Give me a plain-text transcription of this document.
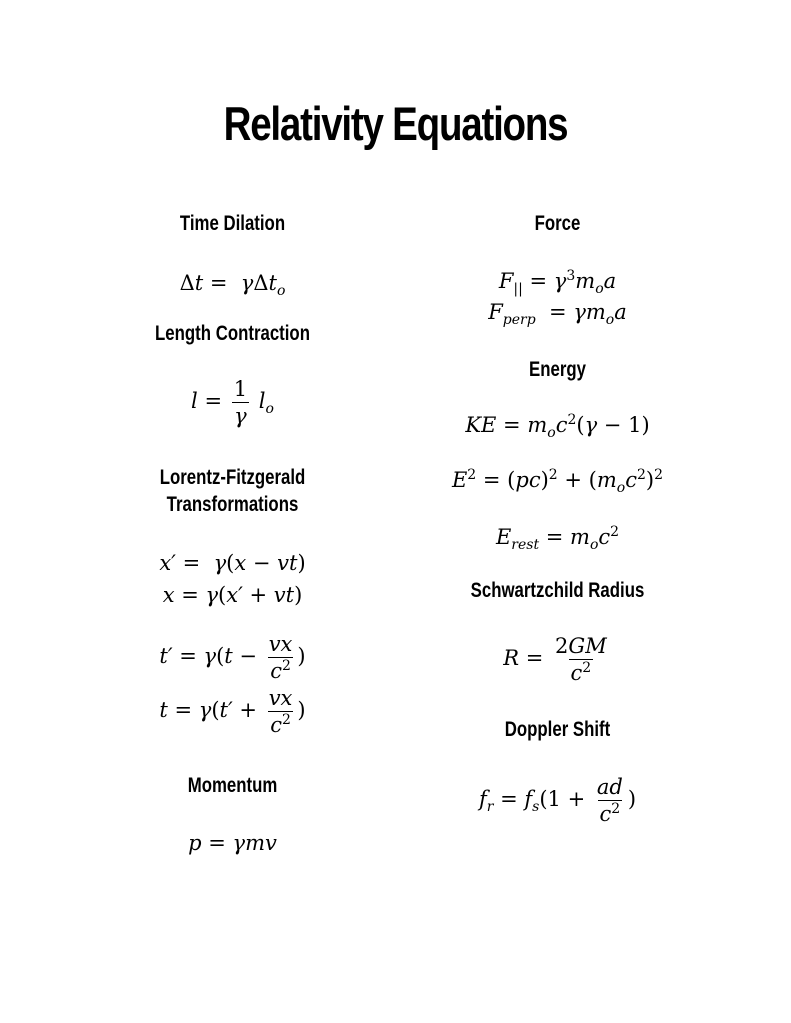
Relativity Equations
Time Dilation
Δt =  γΔt$_o$
Length Contraction
$l = \frac{1}{\gamma} l_o$
Lorentz-Fitzgerald
Transformations
x′ =  γ(x − vt)
x = γ(x′ + vt)
$t' = \gamma(t - \frac{vx}{c^2}$ )
$t = \gamma(t' + \frac{vx}{c^2}$ )
Momentum
p = γmv
Force
$F_{||} = \gamma^3m_oa$
$F_{perp} = \gamma m_oa$
Energy
KE = $m_oc^2(\gamma - 1)$
$E^2 = (pc)^2 + (m_oc^2)^2$
$E_{rest} = m_oc^2$
Schwartzchild Radius
$R = \frac{2GM}{c^2}$
Doppler Shift
$f_r = f_s(1 + \frac{ad}{c^2}$ )
